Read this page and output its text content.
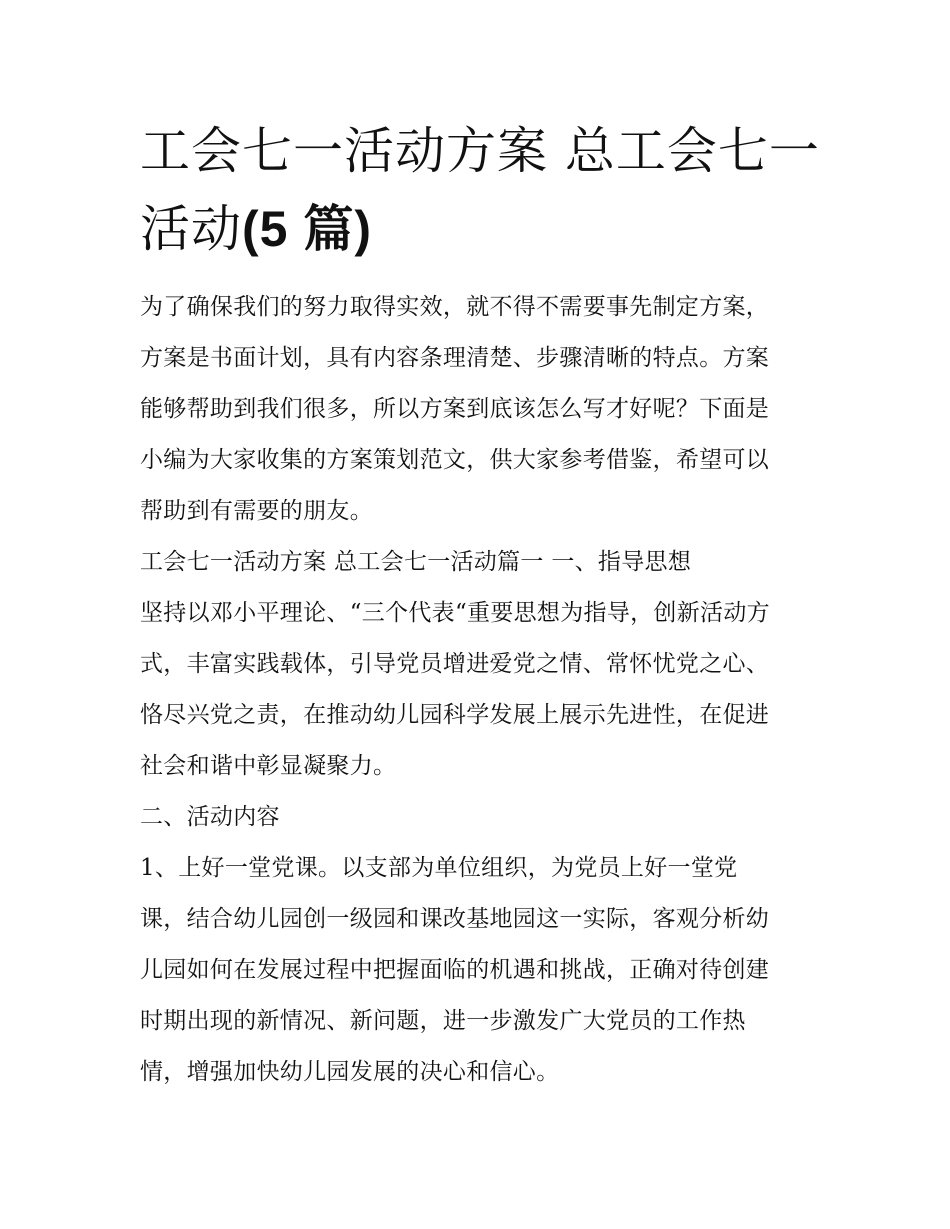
工会七一活动方案 总工会七一
活动(5 篇)

为了确保我们的努力取得实效，就不得不需要事先制定方案，
方案是书面计划，具有内容条理清楚、步骤清晰的特点。方案
能够帮助到我们很多，所以方案到底该怎么写才好呢？下面是
小编为大家收集的方案策划范文，供大家参考借鉴，希望可以
帮助到有需要的朋友。

工会七一活动方案 总工会七一活动篇一 一、指导思想

坚持以邓小平理论、“三个代表“重要思想为指导，创新活动方
式，丰富实践载体，引导党员增进爱党之情、常怀忧党之心、
恪尽兴党之责，在推动幼儿园科学发展上展示先进性，在促进
社会和谐中彰显凝聚力。

二、活动内容

1、上好一堂党课。以支部为单位组织，为党员上好一堂党
课，结合幼儿园创一级园和课改基地园这一实际，客观分析幼
儿园如何在发展过程中把握面临的机遇和挑战，正确对待创建
时期出现的新情况、新问题，进一步激发广大党员的工作热
情，增强加快幼儿园发展的决心和信心。
